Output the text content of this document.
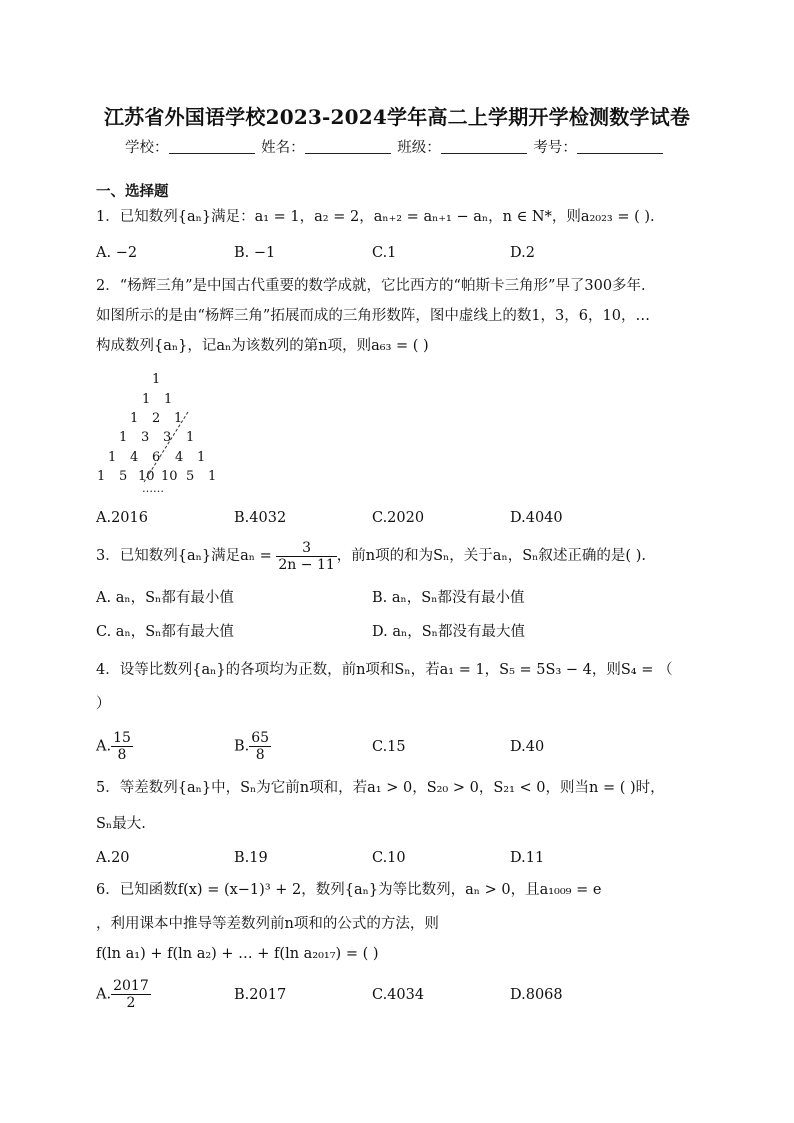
江苏省外国语学校2023-2024学年高二上学期开学检测数学试卷
学校：	姓名：	班级：	考号：
一、选择题
1．已知数列{aₙ}满足：a₁ = 1，a₂ = 2，aₙ₊₂ = aₙ₊₁ − aₙ，n ∈ N*，则a₂₀₂₃ = ( ).
A. −2	B. −1	C.1	D.2
2．“杨辉三角”是中国古代重要的数学成就，它比西方的“帕斯卡三角形”早了300多年.
如图所示的是由“杨辉三角”拓展而成的三角形数阵，图中虚线上的数1，3，6，10，…
构成数列{aₙ}，记aₙ为该数列的第n项，则a₆₃ = ( )
1
1 1
1 2 1
1 3 3 1
1 4 6 4 1
1 5 10 10 5 1
……
A.2016	B.4032	C.2020	D.4040
3．已知数列{aₙ}满足$a_n = \frac{3}{2n - 11}$ ，前n项的和为Sₙ，关于aₙ，Sₙ叙述正确的是( ).
A. aₙ，Sₙ都有最小值	B. aₙ，Sₙ都没有最小值
C. aₙ，Sₙ都有最大值	D. aₙ，Sₙ都没有最大值
4．设等比数列{aₙ}的各项均为正数，前n项和Sₙ，若a₁ = 1，S₅ = 5S₃ − 4，则S₄ = （
）
A. $\frac{15}{8}$	B. $\frac{65}{8}$	C.15	D.40
5．等差数列{aₙ}中，Sₙ为它前n项和，若a₁ > 0，S₂₀ > 0，S₂₁ < 0，则当n = ( )时，
Sₙ最大.
A.20	B.19	C.10	D.11
6．已知函数f(x) = (x−1)³ + 2，数列{aₙ}为等比数列，aₙ > 0，且a₁₀₀₉ = e
，利用课本中推导等差数列前n项和的公式的方法，则
f(ln a₁) + f(ln a₂) + … + f(ln a₂₀₁₇) = ( )
A. $\frac{2017}{2}$	B.2017	C.4034	D.8068
